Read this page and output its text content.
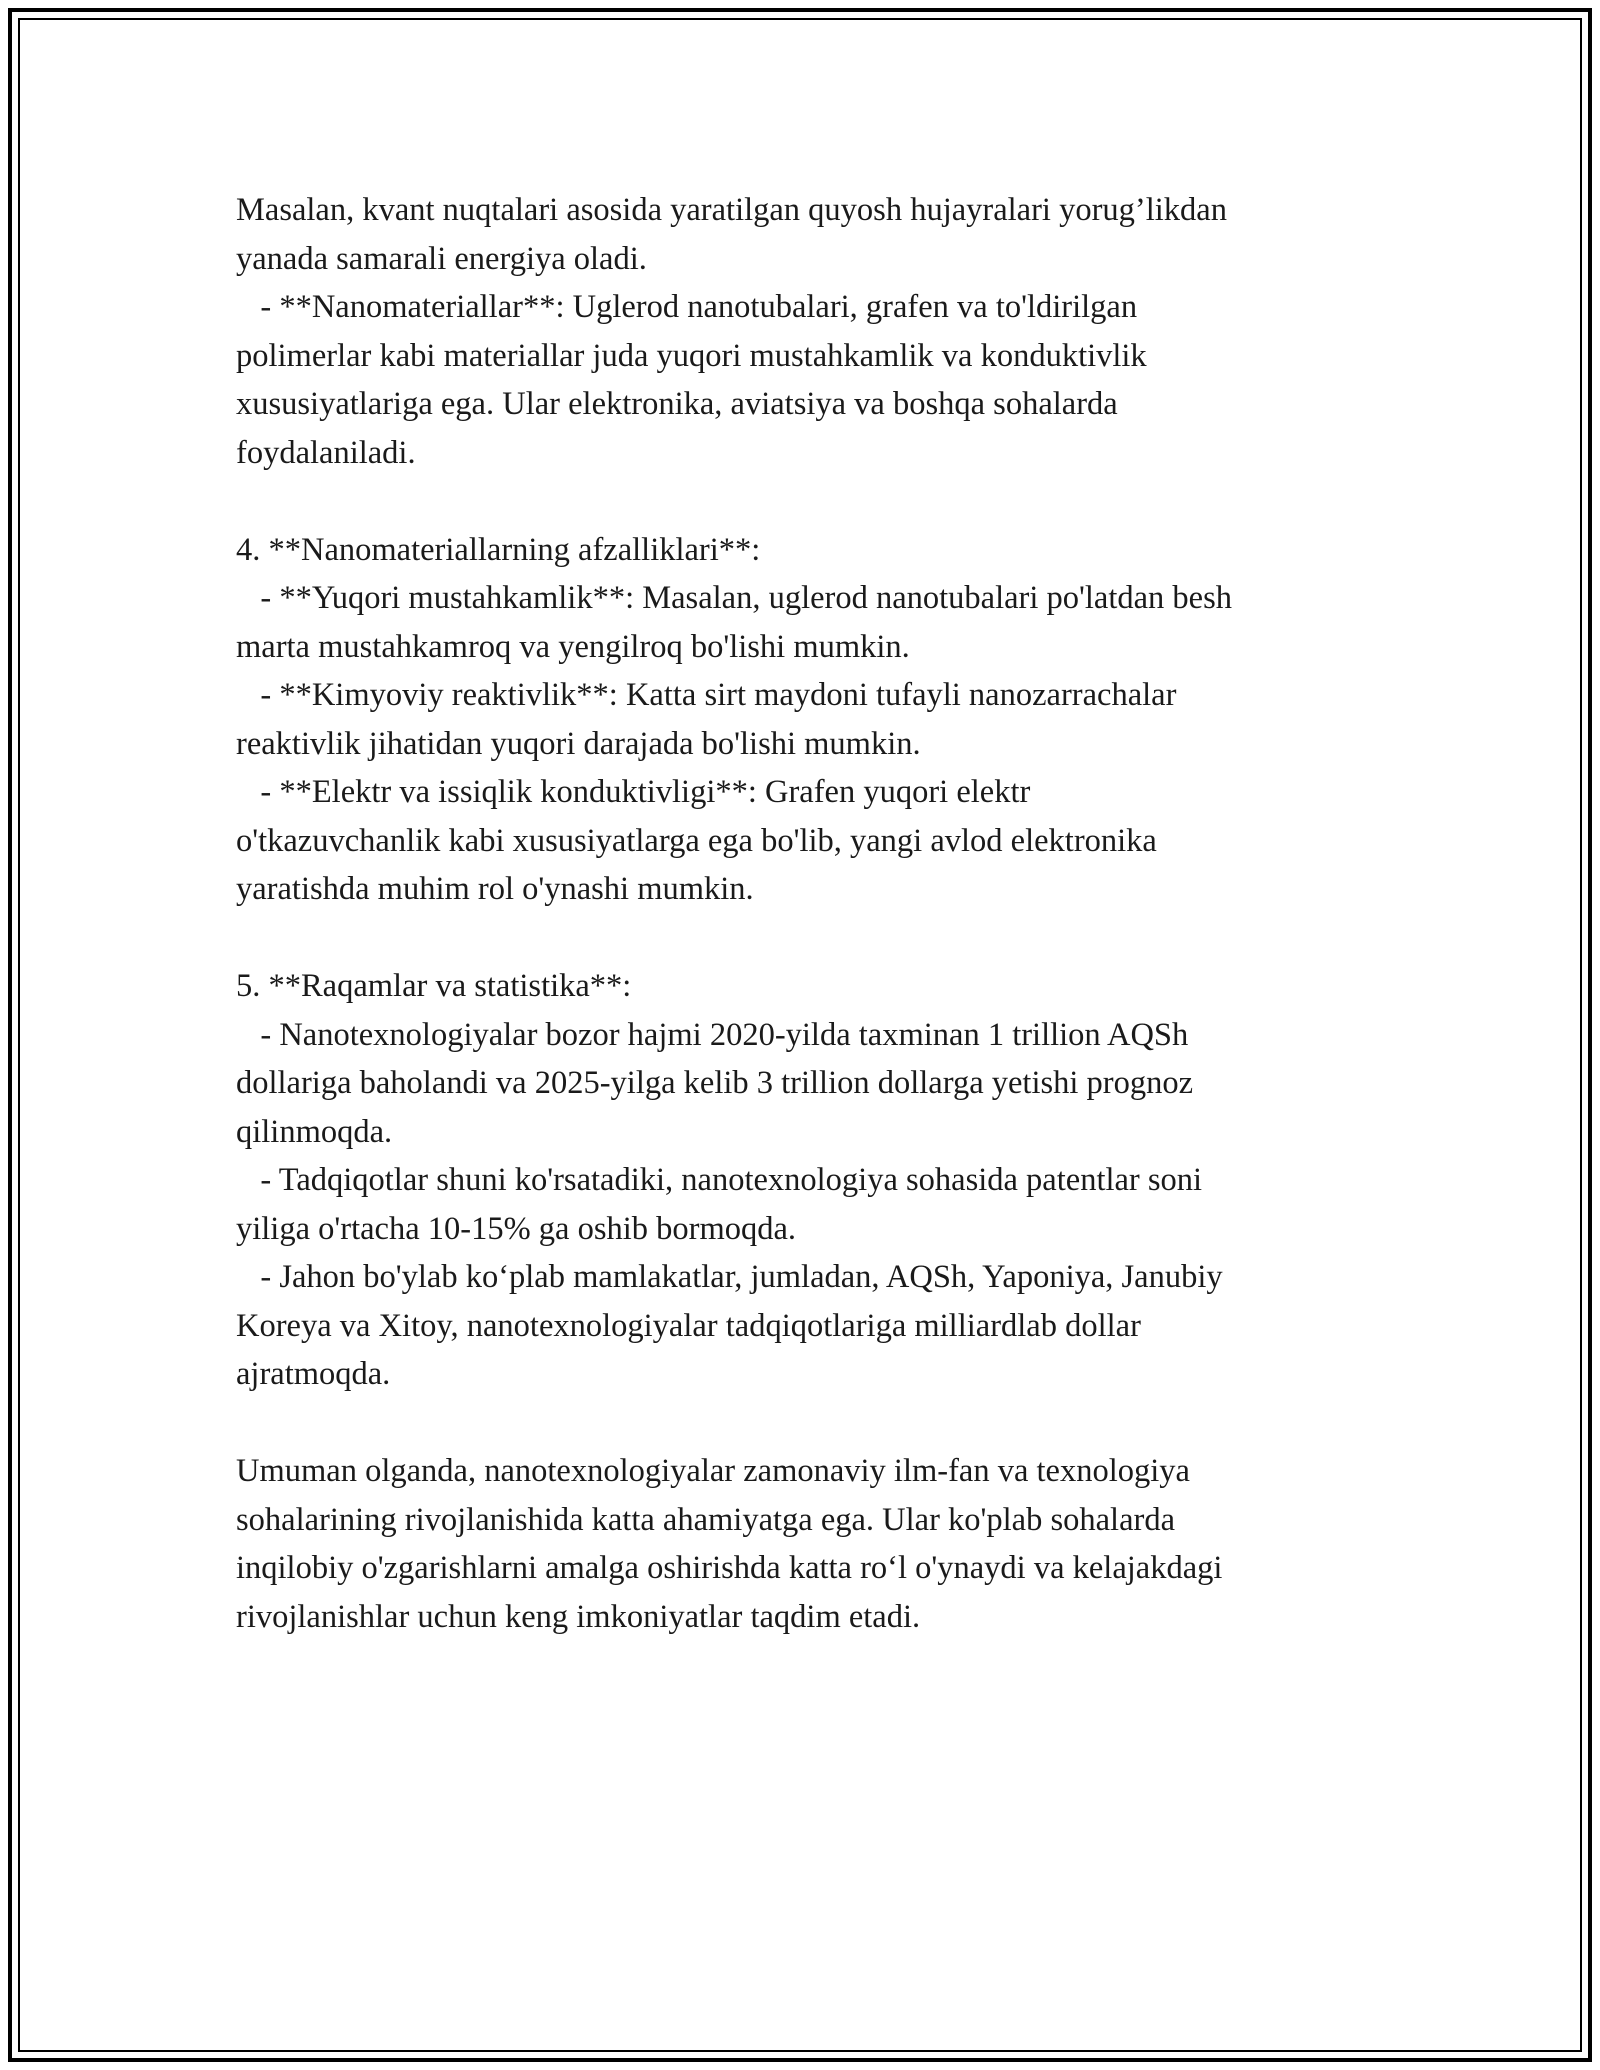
Masalan, kvant nuqtalari asosida yaratilgan quyosh hujayralari yorug’likdan

yanada samarali energiya oladi.

- **Nanomateriallar**: Uglerod nanotubalari, grafen va to'ldirilgan

polimerlar kabi materiallar juda yuqori mustahkamlik va konduktivlik

xususiyatlariga ega. Ular elektronika, aviatsiya va boshqa sohalarda

foydalaniladi.

4. **Nanomateriallarning afzalliklari**:

- **Yuqori mustahkamlik**: Masalan, uglerod nanotubalari po'latdan besh

marta mustahkamroq va yengilroq bo'lishi mumkin.

- **Kimyoviy reaktivlik**: Katta sirt maydoni tufayli nanozarrachalar

reaktivlik jihatidan yuqori darajada bo'lishi mumkin.

- **Elektr va issiqlik konduktivligi**: Grafen yuqori elektr

o'tkazuvchanlik kabi xususiyatlarga ega bo'lib, yangi avlod elektronika

yaratishda muhim rol o'ynashi mumkin.

5. **Raqamlar va statistika**:

- Nanotexnologiyalar bozor hajmi 2020-yilda taxminan 1 trillion AQSh

dollariga baholandi va 2025-yilga kelib 3 trillion dollarga yetishi prognoz

qilinmoqda.

- Tadqiqotlar shuni ko'rsatadiki, nanotexnologiya sohasida patentlar soni

yiliga o'rtacha 10-15% ga oshib bormoqda.

- Jahon bo'ylab ko‘plab mamlakatlar, jumladan, AQSh, Yaponiya, Janubiy

Koreya va Xitoy, nanotexnologiyalar tadqiqotlariga milliardlab dollar

ajratmoqda.

Umuman olganda, nanotexnologiyalar zamonaviy ilm-fan va texnologiya

sohalarining rivojlanishida katta ahamiyatga ega. Ular ko'plab sohalarda

inqilobiy o'zgarishlarni amalga oshirishda katta ro‘l o'ynaydi va kelajakdagi

rivojlanishlar uchun keng imkoniyatlar taqdim etadi.
